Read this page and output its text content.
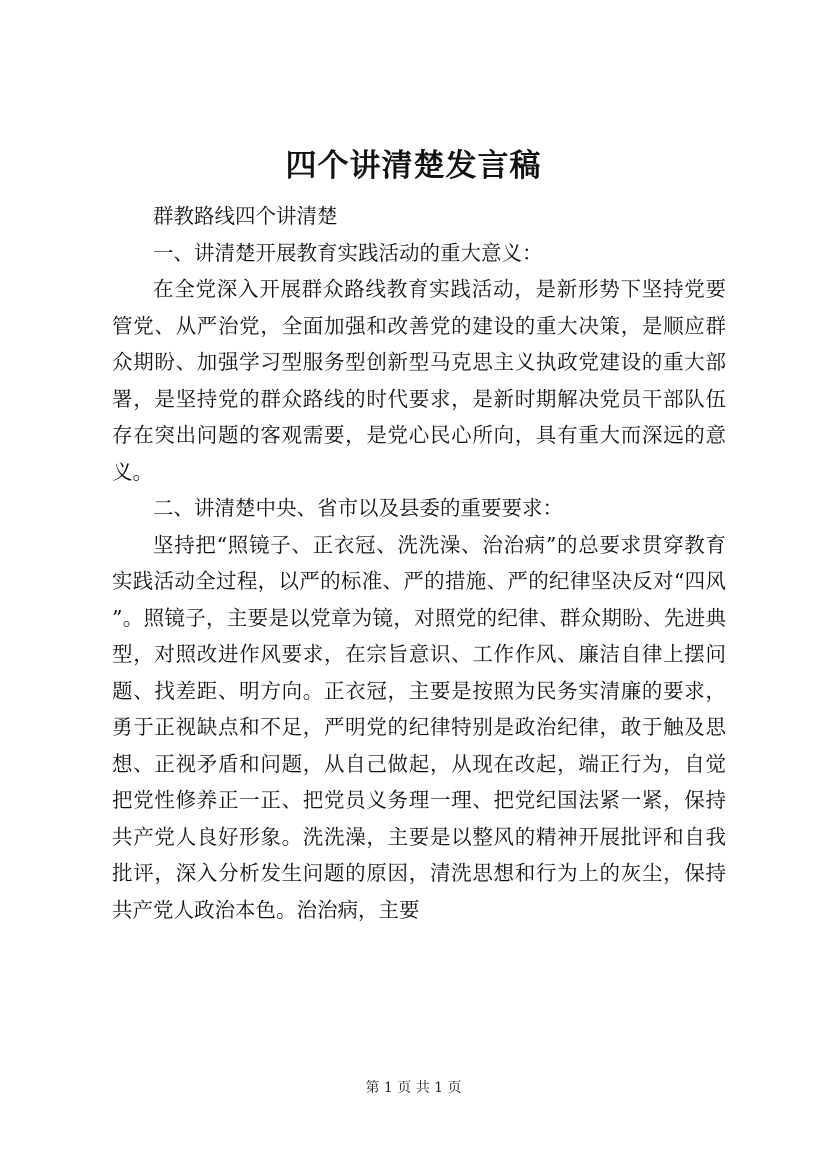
四个讲清楚发言稿

群教路线四个讲清楚

一、讲清楚开展教育实践活动的重大意义：

在全党深入开展群众路线教育实践活动，是新形势下坚持党要管党、从严治党，全面加强和改善党的建设的重大决策，是顺应群众期盼、加强学习型服务型创新型马克思主义执政党建设的重大部署，是坚持党的群众路线的时代要求，是新时期解决党员干部队伍存在突出问题的客观需要，是党心民心所向，具有重大而深远的意义。

二、讲清楚中央、省市以及县委的重要要求：

坚持把“照镜子、正衣冠、洗洗澡、治治病”的总要求贯穿教育实践活动全过程，以严的标准、严的措施、严的纪律坚决反对“四风”。照镜子，主要是以党章为镜，对照党的纪律、群众期盼、先进典型，对照改进作风要求，在宗旨意识、工作作风、廉洁自律上摆问题、找差距、明方向。正衣冠，主要是按照为民务实清廉的要求，勇于正视缺点和不足，严明党的纪律特别是政治纪律，敢于触及思想、正视矛盾和问题，从自己做起，从现在改起，端正行为，自觉把党性修养正一正、把党员义务理一理、把党纪国法紧一紧，保持共产党人良好形象。洗洗澡，主要是以整风的精神开展批评和自我批评，深入分析发生问题的原因，清洗思想和行为上的灰尘，保持共产党人政治本色。治治病，主要

第 1 页 共 1 页
